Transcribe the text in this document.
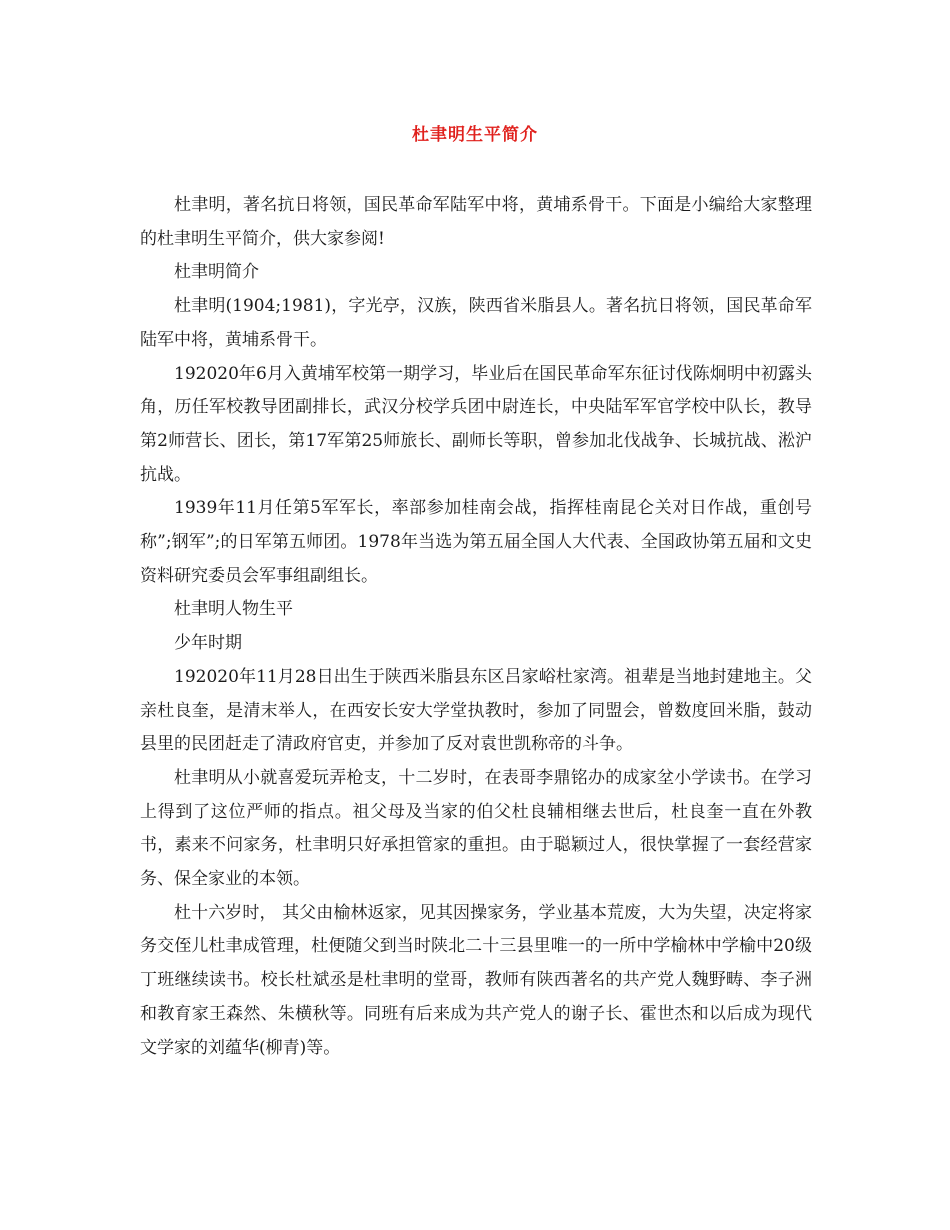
杜聿明生平简介

杜聿明，著名抗日将领，国民革命军陆军中将，黄埔系骨干。下面是小编给大家整理的杜聿明生平简介，供大家参阅!

杜聿明简介

杜聿明(1904;1981)，字光亭，汉族，陕西省米脂县人。著名抗日将领，国民革命军陆军中将，黄埔系骨干。

192020年6月入黄埔军校第一期学习，毕业后在国民革命军东征讨伐陈炯明中初露头角，历任军校教导团副排长，武汉分校学兵团中尉连长，中央陆军军官学校中队长，教导第2师营长、团长，第17军第25师旅长、副师长等职，曾参加北伐战争、长城抗战、淞沪抗战。

1939年11月任第5军军长，率部参加桂南会战，指挥桂南昆仑关对日作战，重创号称”;钢军”;的日军第五师团。1978年当选为第五届全国人大代表、全国政协第五届和文史资料研究委员会军事组副组长。

杜聿明人物生平

少年时期

192020年11月28日出生于陕西米脂县东区吕家峪杜家湾。祖辈是当地封建地主。父亲杜良奎，是清末举人，在西安长安大学堂执教时，参加了同盟会，曾数度回米脂，鼓动县里的民团赶走了清政府官吏，并参加了反对袁世凯称帝的斗争。

杜聿明从小就喜爱玩弄枪支，十二岁时，在表哥李鼎铭办的成家坌小学读书。在学习上得到了这位严师的指点。祖父母及当家的伯父杜良辅相继去世后，杜良奎一直在外教书，素来不问家务，杜聿明只好承担管家的重担。由于聪颖过人，很快掌握了一套经营家务、保全家业的本领。

杜十六岁时， 其父由榆林返家，见其因操家务，学业基本荒废，大为失望，决定将家务交侄儿杜聿成管理，杜便随父到当时陕北二十三县里唯一的一所中学榆林中学榆中20级丁班继续读书。校长杜斌丞是杜聿明的堂哥，教师有陕西著名的共产党人魏野畴、李子洲和教育家王森然、朱横秋等。同班有后来成为共产党人的谢子长、霍世杰和以后成为现代文学家的刘蕴华(柳青)等。
